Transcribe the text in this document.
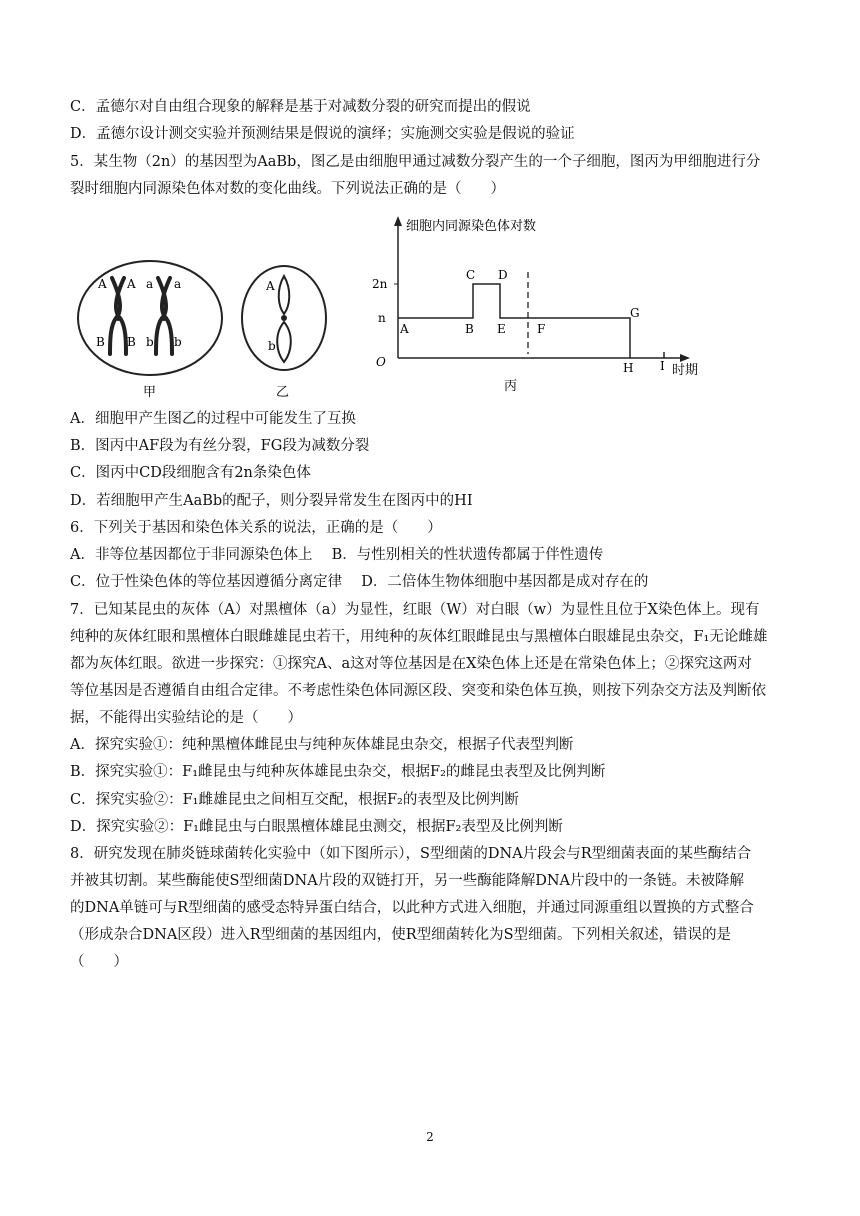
C．孟德尔对自由组合现象的解释是基于对减数分裂的研究而提出的假说
D．孟德尔设计测交实验并预测结果是假说的演绎；实施测交实验是假说的验证
5．某生物（2n）的基因型为AaBb，图乙是由细胞甲通过减数分裂产生的一个子细胞，图丙为甲细胞进行分
裂时细胞内同源染色体对数的变化曲线。下列说法正确的是（　　）
A A a a
B B b b
甲
A
b
乙
细胞内同源染色体对数
2n
n
O
A	B
C D
E	F
G
H I 时期
丙
A．细胞甲产生图乙的过程中可能发生了互换
B．图丙中AF段为有丝分裂，FG段为减数分裂
C．图丙中CD段细胞含有2n条染色体
D．若细胞甲产生AaBb的配子，则分裂异常发生在图丙中的HI
6．下列关于基因和染色体关系的说法，正确的是（　　）
A．非等位基因都位于非同源染色体上　 B．与性别相关的性状遗传都属于伴性遗传
C．位于性染色体的等位基因遵循分离定律　 D．二倍体生物体细胞中基因都是成对存在的
7．已知某昆虫的灰体（A）对黑檀体（a）为显性，红眼（W）对白眼（w）为显性且位于X染色体上。现有
纯种的灰体红眼和黑檀体白眼雌雄昆虫若干，用纯种的灰体红眼雌昆虫与黑檀体白眼雄昆虫杂交，F₁无论雌雄
都为灰体红眼。欲进一步探究：①探究A、a这对等位基因是在X染色体上还是在常染色体上；②探究这两对
等位基因是否遵循自由组合定律。不考虑性染色体同源区段、突变和染色体互换，则按下列杂交方法及判断依
据，不能得出实验结论的是（　　）
A．探究实验①：纯种黑檀体雌昆虫与纯种灰体雄昆虫杂交，根据子代表型判断
B．探究实验①：F₁雌昆虫与纯种灰体雄昆虫杂交，根据F₂的雌昆虫表型及比例判断
C．探究实验②：F₁雌雄昆虫之间相互交配，根据F₂的表型及比例判断
D．探究实验②：F₁雌昆虫与白眼黑檀体雄昆虫测交，根据F₂表型及比例判断
8．研究发现在肺炎链球菌转化实验中（如下图所示），S型细菌的DNA片段会与R型细菌表面的某些酶结合
并被其切割。某些酶能使S型细菌DNA片段的双链打开，另一些酶能降解DNA片段中的一条链。未被降解
的DNA单链可与R型细菌的感受态特异蛋白结合，以此种方式进入细胞，并通过同源重组以置换的方式整合
（形成杂合DNA区段）进入R型细菌的基因组内，使R型细菌转化为S型细菌。下列相关叙述，错误的是
（　　）
2
